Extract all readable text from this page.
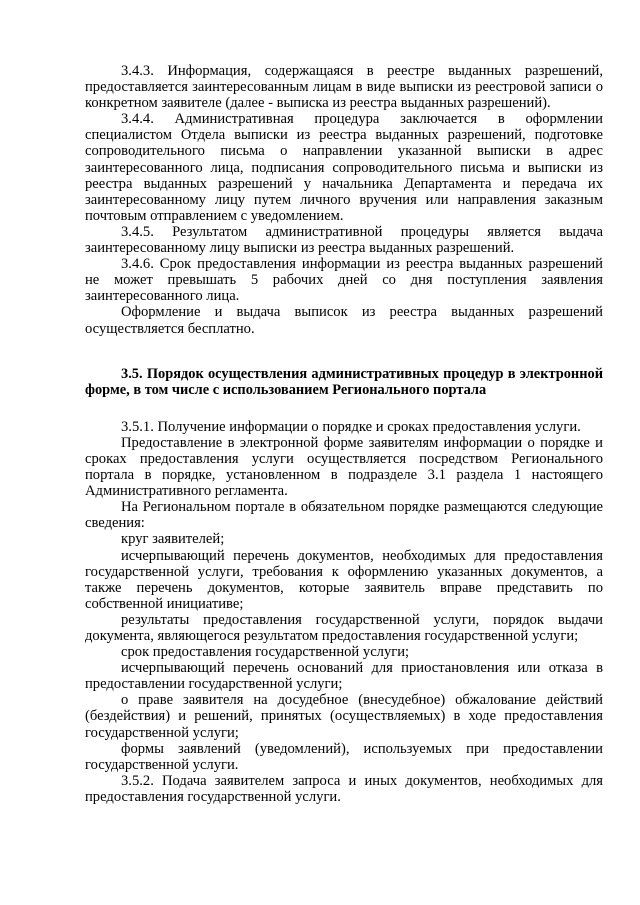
3.4.3. Информация, содержащаяся в реестре выданных разрешений, предоставляется заинтересованным лицам в виде выписки из реестровой записи о конкретном заявителе (далее - выписка из реестра выданных разрешений).

3.4.4. Административная процедура заключается в оформлении специалистом Отдела выписки из реестра выданных разрешений, подготовке сопроводительного письма о направлении указанной выписки в адрес заинтересованного лица, подписания сопроводительного письма и выписки из реестра выданных разрешений у начальника Департамента и передача их заинтересованному лицу путем личного вручения или направления заказным почтовым отправлением с уведомлением.

3.4.5. Результатом административной процедуры является выдача заинтересованному лицу выписки из реестра выданных разрешений.

3.4.6. Срок предоставления информации из реестра выданных разрешений не может превышать 5 рабочих дней со дня поступления заявления заинтересованного лица.

Оформление и выдача выписок из реестра выданных разрешений осуществляется бесплатно.

3.5. Порядок осуществления административных процедур в электронной форме, в том числе с использованием Регионального портала

3.5.1. Получение информации о порядке и сроках предоставления услуги.

Предоставление в электронной форме заявителям информации о порядке и сроках предоставления услуги осуществляется посредством Регионального портала в порядке, установленном в подразделе 3.1 раздела 1 настоящего Административного регламента.

На Региональном портале в обязательном порядке размещаются следующие сведения:

круг заявителей;

исчерпывающий перечень документов, необходимых для предоставления государственной услуги, требования к оформлению указанных документов, а также перечень документов, которые заявитель вправе представить по собственной инициативе;

результаты предоставления государственной услуги, порядок выдачи документа, являющегося результатом предоставления государственной услуги;

срок предоставления государственной услуги;

исчерпывающий перечень оснований для приостановления или отказа в предоставлении государственной услуги;

о праве заявителя на досудебное (внесудебное) обжалование действий (бездействия) и решений, принятых (осуществляемых) в ходе предоставления государственной услуги;

формы заявлений (уведомлений), используемых при предоставлении государственной услуги.

3.5.2. Подача заявителем запроса и иных документов, необходимых для предоставления государственной услуги.
